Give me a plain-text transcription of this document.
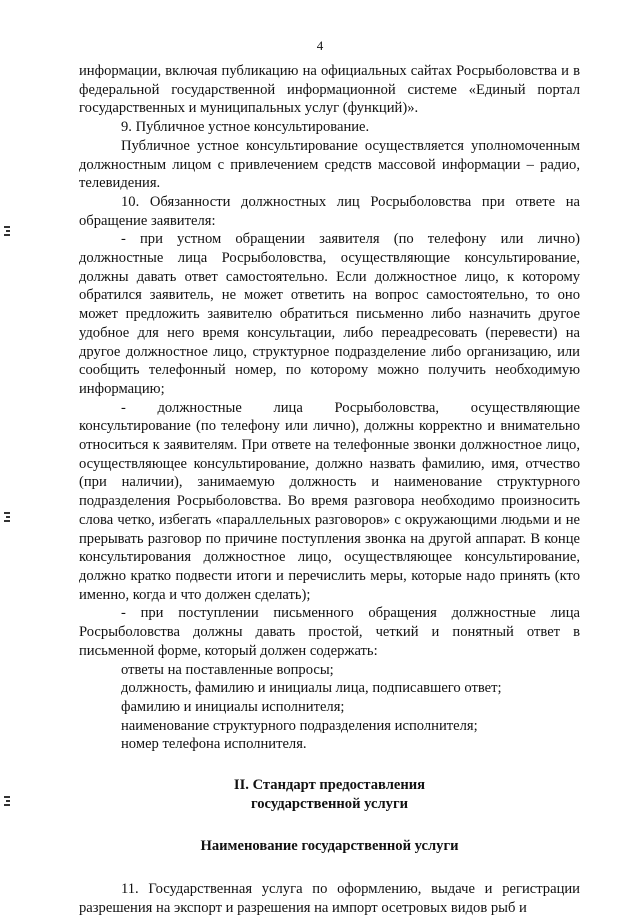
4

информации, включая публикацию на официальных сайтах Росрыболовства и в федеральной государственной информационной системе «Единый портал государственных и муниципальных услуг (функций)».

9. Публичное устное консультирование.

Публичное устное консультирование осуществляется уполномоченным должностным лицом с привлечением средств массовой информации – радио, телевидения.

10. Обязанности должностных лиц Росрыболовства при ответе на обращение заявителя:

- при устном обращении заявителя (по телефону или лично) должностные лица Росрыболовства, осуществляющие консультирование, должны давать ответ самостоятельно. Если должностное лицо, к которому обратился заявитель, не может ответить на вопрос самостоятельно, то оно может предложить заявителю обратиться письменно либо назначить другое удобное для него время консультации, либо переадресовать (перевести) на другое должностное лицо, структурное подразделение либо организацию, или сообщить телефонный номер, по которому можно получить необходимую информацию;

- должностные лица Росрыболовства, осуществляющие консультирование (по телефону или лично), должны корректно и внимательно относиться к заявителям. При ответе на телефонные звонки должностное лицо, осуществляющее консультирование, должно назвать фамилию, имя, отчество (при наличии), занимаемую должность и наименование структурного подразделения Росрыболовства. Во время разговора необходимо произносить слова четко, избегать «параллельных разговоров» с окружающими людьми и не прерывать разговор по причине поступления звонка на другой аппарат. В конце консультирования должностное лицо, осуществляющее консультирование, должно кратко подвести итоги и перечислить меры, которые надо принять (кто именно, когда и что должен сделать);

- при поступлении письменного обращения должностные лица Росрыболовства должны давать простой, четкий и понятный ответ в письменной форме, который должен содержать:

ответы на поставленные вопросы;

должность, фамилию и инициалы лица, подписавшего ответ;

фамилию и инициалы исполнителя;

наименование структурного подразделения исполнителя;

номер телефона исполнителя.

II. Стандарт предоставления

государственной услуги

Наименование государственной услуги

11. Государственная услуга по оформлению, выдаче и регистрации разрешения на экспорт и разрешения на импорт осетровых видов рыб и
